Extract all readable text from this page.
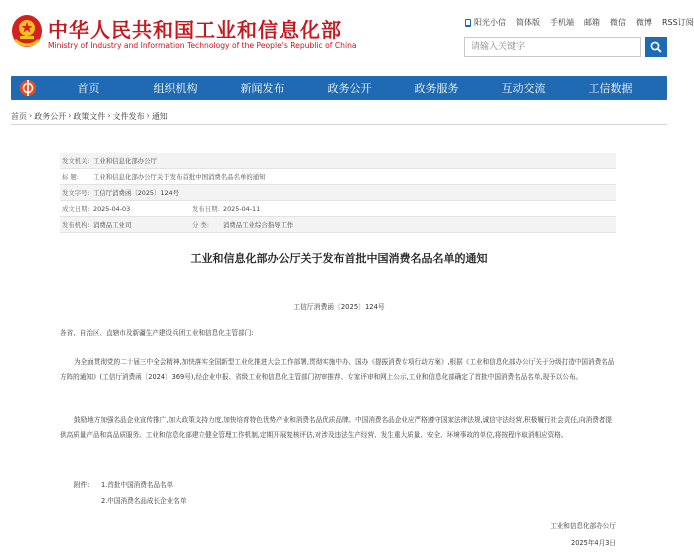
中华人民共和国工业和信息化部
Ministry of Industry and Information Technology of the People's Republic of China
阳光小信 简体版 手机端 邮箱 微信 微博 RSS订阅
请输入关键字
首页	组织机构	新闻发布	政务公开	政务服务	互动交流	工信数据
首页 › 政务公开 › 政策文件 › 文件发布 › 通知
发文机关: 工业和信息化部办公厅
标 题:	工业和信息化部办公厅关于发布首批中国消费名品名单的通知
发文字号: 工信厅消费函〔2025〕124号
成文日期: 2025-04-03	发布日期: 2025-04-11
发布机构: 消费品工业司	分 类:	消费品工业综合指导工作
工业和信息化部办公厅关于发布首批中国消费名品名单的通知
工信厅消费函〔2025〕124号

各省、自治区、直辖市及新疆生产建设兵团工业和信息化主管部门:

为全面贯彻党的二十届三中全会精神,加快落实全国新型工业化推进大会工作部署,贯彻实施中办、国办《提振消费专项行动方案》,根据《工业和信息化部办公厅关于分级打造中国消费名品方阵的通知》(工信厅消费函〔2024〕369号),经企业申报、省级工业和信息化主管部门初审推荐、专家评审和网上公示,工业和信息化部确定了首批中国消费名品名单,现予以公布。

鼓励地方加强名品企业宣传推广,加大政策支持力度,加快培育特色优势产业和消费名品优质品牌。中国消费名品企业应严格遵守国家法律法规,诚信守法经营,积极履行社会责任,向消费者提供高质量产品和高品质服务。工业和信息化部建立健全管理工作机制,定期开展复核评估,对涉及违法生产经营、发生重大质量、安全、环境事故的单位,将按程序取消相应资格。

附件: 1.首批中国消费名品名单
2.中国消费名品成长企业名单
工业和信息化部办公厅
2025年4月3日
